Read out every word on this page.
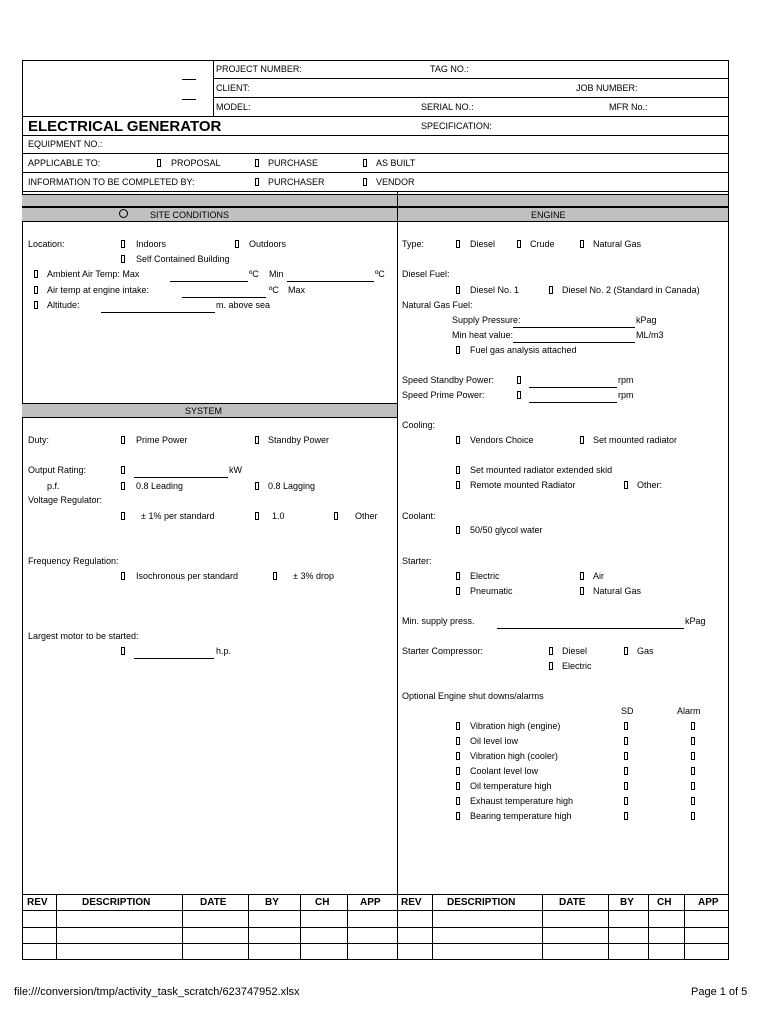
PROJECT NUMBER:	TAG NO.:
CLIENT:	JOB NUMBER:
MODEL:	SERIAL NO.:	MFR No.:
ELECTRICAL GENERATOR	SPECIFICATION:
EQUIPMENT NO.:
APPLICABLE TO:	PROPOSAL	PURCHASE	AS BUILT
INFORMATION TO BE COMPLETED BY:	PURCHASER	VENDOR
SITE CONDITIONS	ENGINE
Location:	Indoors	Outdoors
Self Contained Building
Ambient Air Temp: Max	ºC Min	ºC
Air temp at engine intake:	ºC Max
Altitude:	m. above sea
SYSTEM
Duty:	Prime Power	Standby Power
Output Rating:	kW
p.f.	0.8 Leading	0.8 Lagging
Voltage Regulator:
± 1% per standard	1.0	Other
Frequency Regulation:
Isochronous per standard	± 3% drop
Largest motor to be started:
h.p.
Type:	Diesel	Crude	Natural Gas
Diesel Fuel:
Diesel No. 1	Diesel No. 2 (Standard in Canada)
Natural Gas Fuel:
Supply Pressure:	kPag
Min heat value:	ML/m3
Fuel gas analysis attached
Speed Standby Power:	rpm
Speed Prime Power:	rpm
Cooling:
Vendors Choice	Set mounted radiator
Set mounted radiator extended skid
Remote mounted Radiator	Other:
Coolant:
50/50 glycol water
Starter:
Electric	Air
Pneumatic	Natural Gas
Min. supply press.	kPag
Starter Compressor:	Diesel	Gas
Electric
Optional Engine shut downs/alarms
SD	Alarm
Vibration high (engine)
Oil level low
Vibration high (cooler)
Coolant level low
Oil temperature high
Exhaust temperature high
Bearing temperature high
REV	DESCRIPTION	DATE	BY	CH	APP REV	DESCRIPTION	DATE	BY CH	APP
file:///conversion/tmp/activity_task_scratch/623747952.xlsx	Page 1 of 5
